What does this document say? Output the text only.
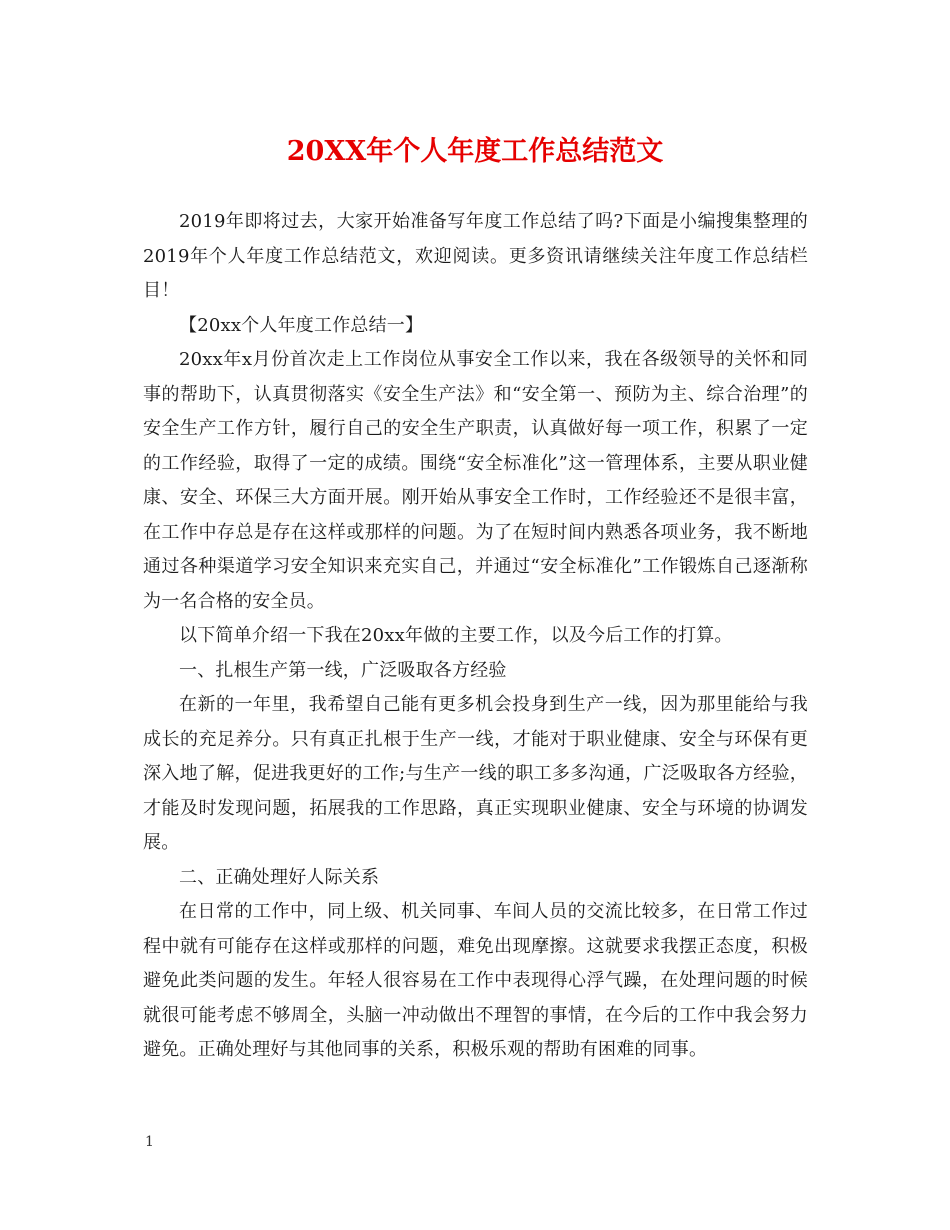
20XX年个人年度工作总结范文

2019年即将过去，大家开始准备写年度工作总结了吗?下面是小编搜集整理的2019年个人年度工作总结范文，欢迎阅读。更多资讯请继续关注年度工作总结栏目！

【20xx个人年度工作总结一】

20xx年x月份首次走上工作岗位从事安全工作以来，我在各级领导的关怀和同事的帮助下，认真贯彻落实《安全生产法》和“安全第一、预防为主、综合治理”的安全生产工作方针，履行自己的安全生产职责，认真做好每一项工作，积累了一定的工作经验，取得了一定的成绩。围绕“安全标准化”这一管理体系，主要从职业健康、安全、环保三大方面开展。刚开始从事安全工作时，工作经验还不是很丰富，在工作中存总是存在这样或那样的问题。为了在短时间内熟悉各项业务，我不断地通过各种渠道学习安全知识来充实自己，并通过“安全标准化”工作锻炼自己逐渐称为一名合格的安全员。

以下简单介绍一下我在20xx年做的主要工作，以及今后工作的打算。

一、扎根生产第一线，广泛吸取各方经验

在新的一年里，我希望自己能有更多机会投身到生产一线，因为那里能给与我成长的充足养分。只有真正扎根于生产一线，才能对于职业健康、安全与环保有更深入地了解，促进我更好的工作;与生产一线的职工多多沟通，广泛吸取各方经验，才能及时发现问题，拓展我的工作思路，真正实现职业健康、安全与环境的协调发展。

二、正确处理好人际关系

在日常的工作中，同上级、机关同事、车间人员的交流比较多，在日常工作过程中就有可能存在这样或那样的问题，难免出现摩擦。这就要求我摆正态度，积极避免此类问题的发生。年轻人很容易在工作中表现得心浮气躁，在处理问题的时候就很可能考虑不够周全，头脑一冲动做出不理智的事情，在今后的工作中我会努力避免。正确处理好与其他同事的关系，积极乐观的帮助有困难的同事。

1
